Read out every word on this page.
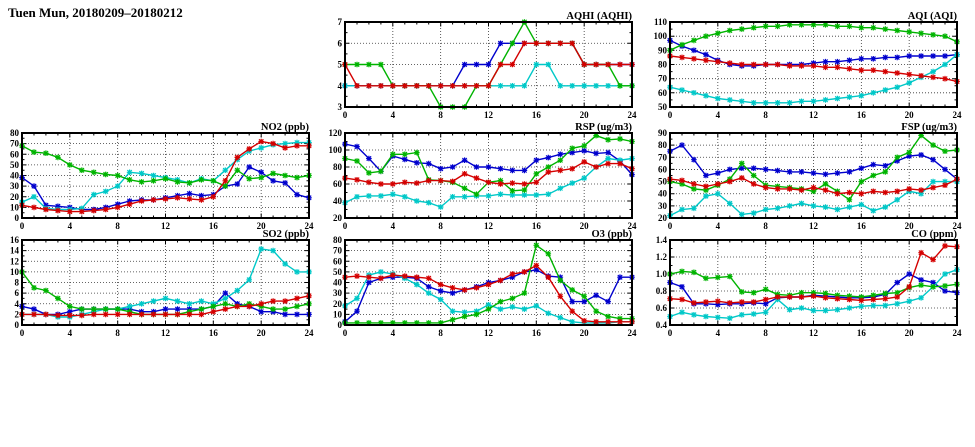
Tuen Mun, 20180209–20180212
0	4	8	12	16	20	24
3
4
5
6
7	AQHI (AQHI)
0	4	8	12	16	20	24
50
60
70
80
90
100
110	AQI (AQI)
0	4	8	12	16	20	24
0
10
20
30
40
50
60
70
80	NO2 (ppb)
0	4	8	12	16	20	24
20
40
60
80
100
120	RSP (ug/m3)
0	4	8	12	16	20	24
20
30
40
50
60
70
80
90	FSP (ug/m3)
0	4	8	12	16	20	24
0
2
4
6
8
10
12
14
16	SO2 (ppb)
0	4	8	12	16	20	24
0
10
20
30
40
50
60
70
80	O3 (ppb)
0	4	8	12	16	20	24
0.4
0.6
0.8
1.0
1.2
1.4	CO (ppm)
